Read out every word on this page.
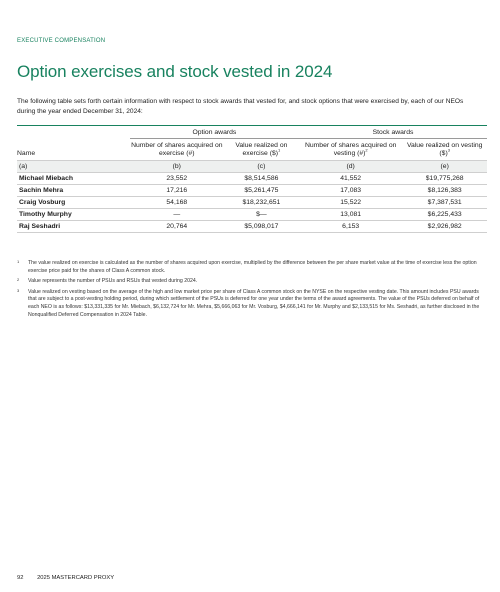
EXECUTIVE COMPENSATION
Option exercises and stock vested in 2024
The following table sets forth certain information with respect to stock awards that vested for, and stock options that were exercised by, each of our NEOs during the year ended December 31, 2024:
	Option awards		Stock awards	
Name	Number of shares acquired on exercise (#)	Value realized on exercise ($)$^1$	Number of shares acquired on vesting (#)$^2$	Value realized on vesting ($)$^3$
(a)	(b)	(c)	(d)	(e)
Michael Miebach	23,552	$8,514,586	41,552	$19,775,268
Sachin Mehra	17,216	$5,261,475	17,083	$8,126,383
Craig Vosburg	54,168	$18,232,651	15,522	$7,387,531
Timothy Murphy	—	$—	13,081	$6,225,433
Raj Seshadri	20,764	$5,098,017	6,153	$2,926,982
1 The value realized on exercise is calculated as the number of shares acquired upon exercise, multiplied by the difference between the per share market value at the time of exercise less the option exercise price paid for the shares of Class A common stock.
2 Value represents the number of PSUs and RSUs that vested during 2024.
3 Value realized on vesting based on the average of the high and low market price per share of Class A common stock on the NYSE on the respective vesting date. This amount includes PSU awards that are subject to a post-vesting holding period, during which settlement of the PSUs is deferred for one year under the terms of the award agreements. The value of the PSUs deferred on behalf of each NEO is as follows: $13,331,335 for Mr. Miebach, $6,132,724 for Mr. Mehra, $5,666,063 for Mr. Vosburg, $4,666,141 for Mr. Murphy and $2,133,515 for Ms. Seshadri, as further disclosed in the Nonqualified Deferred Compensation in 2024 Table.
92 2025 MASTERCARD PROXY
